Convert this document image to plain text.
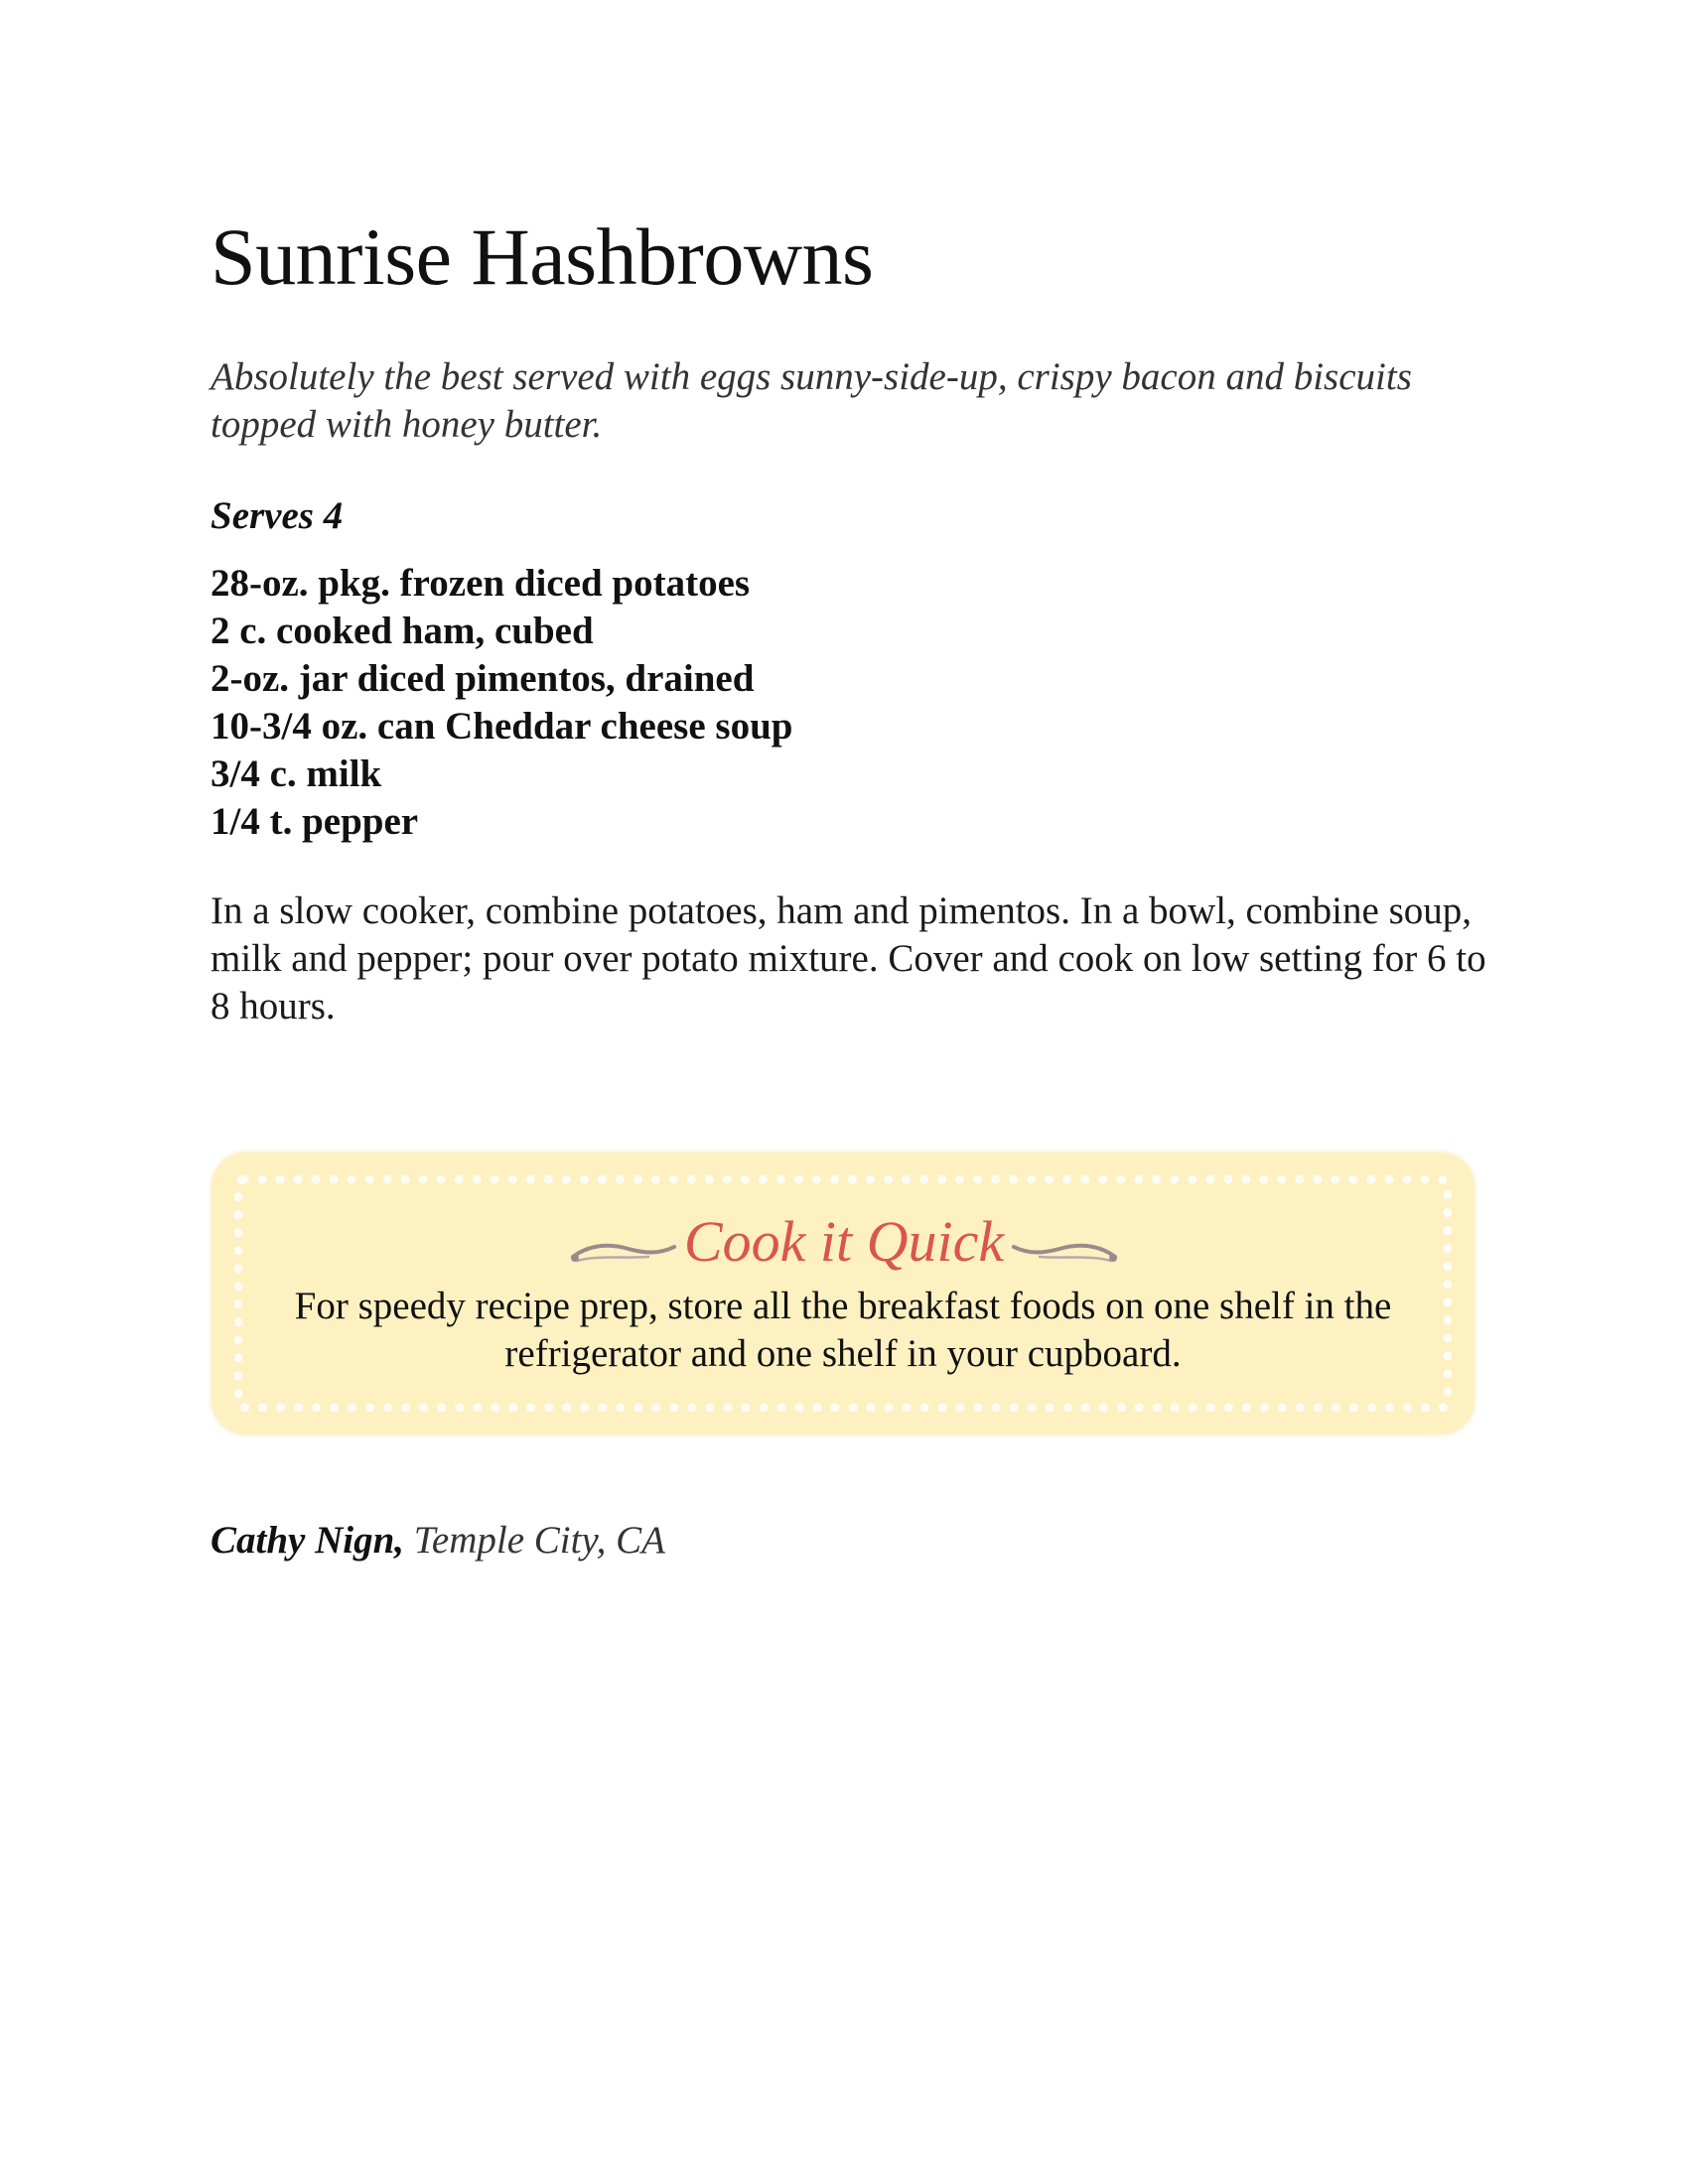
Sunrise Hashbrowns

Absolutely the best served with eggs sunny-side-up, crispy bacon and biscuits topped with honey butter.

Serves 4

28-oz. pkg. frozen diced potatoes
2 c. cooked ham, cubed
2-oz. jar diced pimentos, drained
10-3/4 oz. can Cheddar cheese soup
3/4 c. milk
1/4 t. pepper

In a slow cooker, combine potatoes, ham and pimentos. In a bowl, combine soup, milk and pepper; pour over potato mixture. Cover and cook on low setting for 6 to 8 hours.

Cook it Quick

For speedy recipe prep, store all the breakfast foods on one shelf in the refrigerator and one shelf in your cupboard.

Cathy Nign, Temple City, CA
